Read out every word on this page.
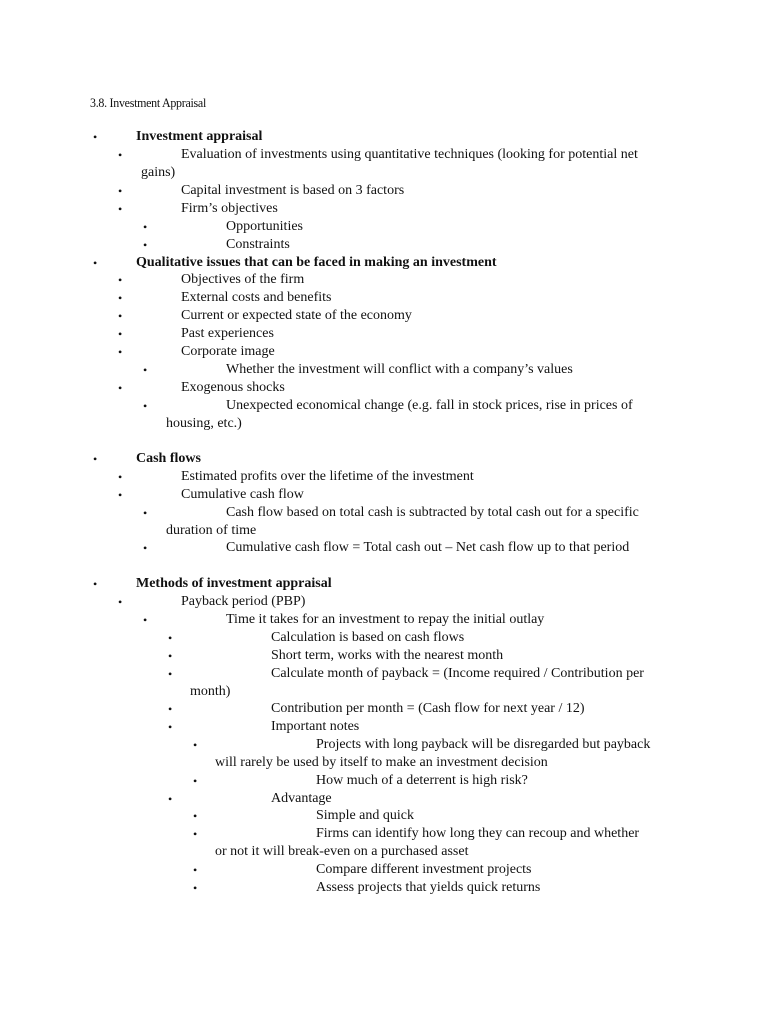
3.8. Investment Appraisal
•	Investment appraisal
•	Evaluation of investments using quantitative techniques (looking for potential net
gains)
•	Capital investment is based on 3 factors
•	Firm’s objectives
•	Opportunities
•	Constraints
•	Qualitative issues that can be faced in making an investment
•	Objectives of the firm
•	External costs and benefits
•	Current or expected state of the economy
•	Past experiences
•	Corporate image
•	Whether the investment will conflict with a company’s values
•	Exogenous shocks
•	Unexpected economical change (e.g. fall in stock prices, rise in prices of
housing, etc.)
•	Cash flows
•	Estimated profits over the lifetime of the investment
•	Cumulative cash flow
•	Cash flow based on total cash is subtracted by total cash out for a specific
duration of time
•	Cumulative cash flow = Total cash out – Net cash flow up to that period
•	Methods of investment appraisal
•	Payback period (PBP)
•	Time it takes for an investment to repay the initial outlay
•	Calculation is based on cash flows
•	Short term, works with the nearest month
•	Calculate month of payback = (Income required / Contribution per
month)
•	Contribution per month = (Cash flow for next year / 12)
•	Important notes
•	Projects with long payback will be disregarded but payback
will rarely be used by itself to make an investment decision
•	How much of a deterrent is high risk?
•	Advantage
•	Simple and quick
•	Firms can identify how long they can recoup and whether
or not it will break-even on a purchased asset
•	Compare different investment projects
•	Assess projects that yields quick returns
